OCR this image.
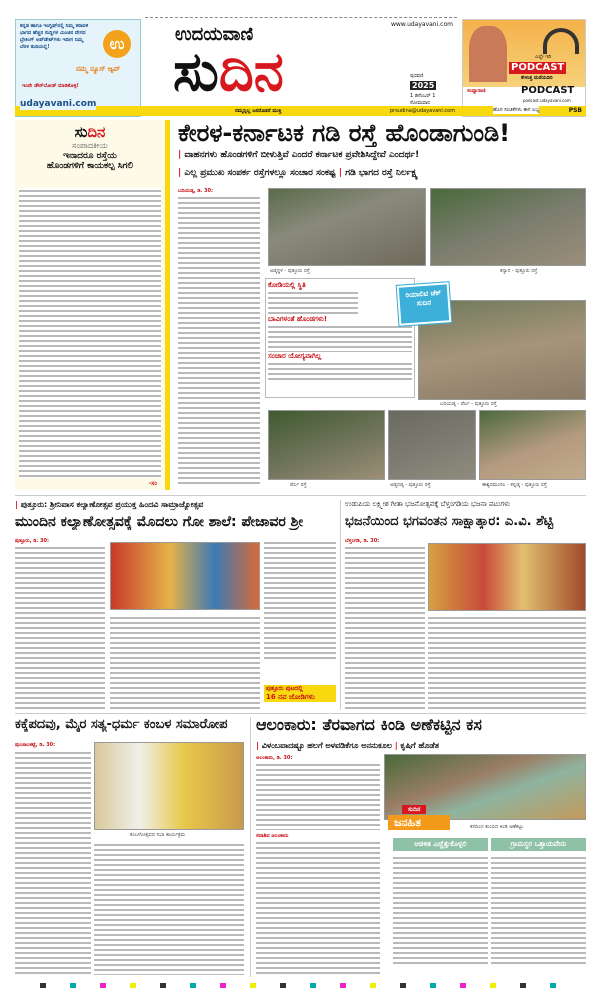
ಕನ್ನಡ ಹಾಗೂ ಇಂಗ್ಲಿಷ್‌ನಲ್ಲಿ ನಿಮ್ಮ ಕರಾವಳಿ ಭಾಗದ ಹೆಚ್ಚಿನ ಸುದ್ದಿಗಳ ಮಿಂಚಿನ ವೇಗದ ಬ್ರೇಕಿಂಗ್ ಅಪ್‌ಡೇಟ್‌ಗಳು ಇದೀಗ ನಿಮ್ಮ ಬೆರಳ ತುದಿಯಲ್ಲಿ!	ಉ
ನಮ್ಮ ನ್ಯೂಸ್ ಆ್ಯಪ್
ಇಂದೇ ಡೌನ್‌ಲೋಡ್ ಮಾಡಿಕೊಳ್ಳಿ!
udayavani.com
ಉದಯವಾಣಿ	www.udayavani.com
ಸುದಿನ	ಪುರವಣಿ
2025
1 ಡಿಸೆಂಬರ್ 1
ಸೋಮವಾರ
ಎಲ್ಲೇ ಇರಿ
PODCAST
ಕೇಳುತ್ತ ಮರೆಯದಿರಿ
ಸಂಧ್ಯಾರಾಣಿ	PODCAST
podcast.udayavani.com
ಹೊಸ ಸಂಚಿಕೆಗಳು ಈಗ ಲಭ್ಯ
ನಮ್ಮನ್ನಿಲ್ಲ ಜನರೊಡನೆ ಮುಕ್ತಿ	prsudina@udayavani.com	PSB
ಸುದಿನ
ಸಂಪಾದಕೀಯ
ಇನಾದರೂ ರಸ್ತೆಯ
ಹೊಂಡಗಳಿಗೆ ಕಾಯಕಲ್ಪ ಸಿಗಲಿ
-ಸಂ
ಕೇರಳ-ಕರ್ನಾಟಕ ಗಡಿ ರಸ್ತೆ ಹೊಂಡಾಗುಂಡಿ!
| ವಾಹನಗಳು ಹೊಂಡಗಳಿಗೆ ಬೀಳುತ್ತಿವೆ ಎಂದರೆ ಕರ್ನಾಟಕ ಪ್ರವೇಶಿಸಿದ್ದೇವೆ ಎಂದರ್ಥ!
| ಎಲ್ಲ ಪ್ರಮುಖ ಸಂಪರ್ಕ ರಸ್ತೆಗಳಲ್ಲೂ ಸಂಚಾರ ಸಂಕಷ್ಟ | ಗಡಿ ಭಾಗದ ರಸ್ತೆ ನಿರ್ಲಕ್ಷ್ಯ
ಬದಿಯಡ್ಕ, ಡಿ. 30:
ಅಡ್ಕಸ್ಥಳ - ಪುತ್ತೂರು ರಸ್ತೆ	ಕನ್ಯಾನ - ಪುತ್ತೂರು ರಸ್ತೆ
ಕೋಡಿಯಲ್ಲಿ ಸ್ಥಿತಿ
ಬಾವಿಗಳಂತೆ ಹೊಂಡಗಳು!
ಸಂಚಾರ ಯೋಗ್ಯವಾಗಿಲ್ಲ
ರಿಯಾಲಿಟಿ ಚೆಕ್ ಸುದಿನ
ಬದಿಯಡ್ಕ - ಪೆರ್ಲ - ಪುತ್ತೂರು ರಸ್ತೆ
ಪೆರ್ಲ ರಸ್ತೆ	ಅಡ್ಯನಡ್ಕ - ಪುತ್ತೂರು ರಸ್ತೆ	ಈಶ್ವರಮಂಗಲ - ಕನ್ನಡ್ಕ - ಪುತ್ತೂರು ರಸ್ತೆ
| ಪುತ್ತೂರು: ಶ್ರೀನಿವಾಸ ಕಲ್ಯಾಣೋತ್ಸವ ಪ್ರಯುಕ್ತ ಹಿಂದವಿ ಸಾಮ್ರಾಜ್ಯೋತ್ಸವ
ಮುಂದಿನ ಕಲ್ಯಾಣೋತ್ಸವಕ್ಕೆ ಮೊದಲು ಗೋ ಶಾಲೆ: ಪೇಜಾವರ ಶ್ರೀ
ಪುತ್ತೂರು, ಡಿ. 30:
ಪುತ್ತೂರು ಪುಟದಲ್ಲಿ
16 ನವ ಜೋಡಿಗಳು
ಉಡುಪಿಯ ಲಕ್ಷ್ಮೀಶ ಗೀತಾ ಭಜನೋತ್ಸವಕ್ಕೆ ಬೆಳ್ತಂಗಡಿಯ ಭಜನಾ ಪಟುಗಳು
ಭಜನೆಯಿಂದ ಭಗವಂತನ ಸಾಕ್ಷಾತ್ಕಾರ: ಎ.ವಿ. ಶೆಟ್ಟಿ
ಬೆಳ್ತಂಗಡಿ, ಡಿ. 30:
ಕಕ್ಕೆಪದವು, ಮೈರ ಸತ್ಯ-ಧರ್ಮ ಕಂಬಳ ಸಮಾರೋಪ
ಪುಂಜಾಲಕಟ್ಟೆ, ಡಿ. 30:
ಕಂಬಳೋತ್ಸವದ ಸಭಾ ಕಾರ್ಯಕ್ರಮ
ಆಲಂಕಾರು: ತೆರವಾಗದ ಕಿಂಡಿ ಅಣೆಕಟ್ಟಿನ ಕಸ
| ವಿಳಂಬವಾದಷ್ಟೂ ಹಲಗೆ ಅಳವಡಿಕೆಗೂ ಅನನುಕೂಲ | ಕೃಷಿಗೆ ಹೊಡೆತ
ಆಲಂಕಾರು, ಡಿ. 30:
ಸುದಿನ
ಜನಹಿತ	ಕಸದಿಂದ ತುಂಬಿದ ಕಿಂಡಿ ಅಣೆಕಟ್ಟು
ಸದಾಶಿವ ಆಲಂಕಾರು
ಆಡಳಿತ ಎಚ್ಚೆತ್ತುಕೊಳ್ಳಲಿ	ಗ್ರಾಮಸ್ಥರ ಒತ್ತಾಯವೇನು
